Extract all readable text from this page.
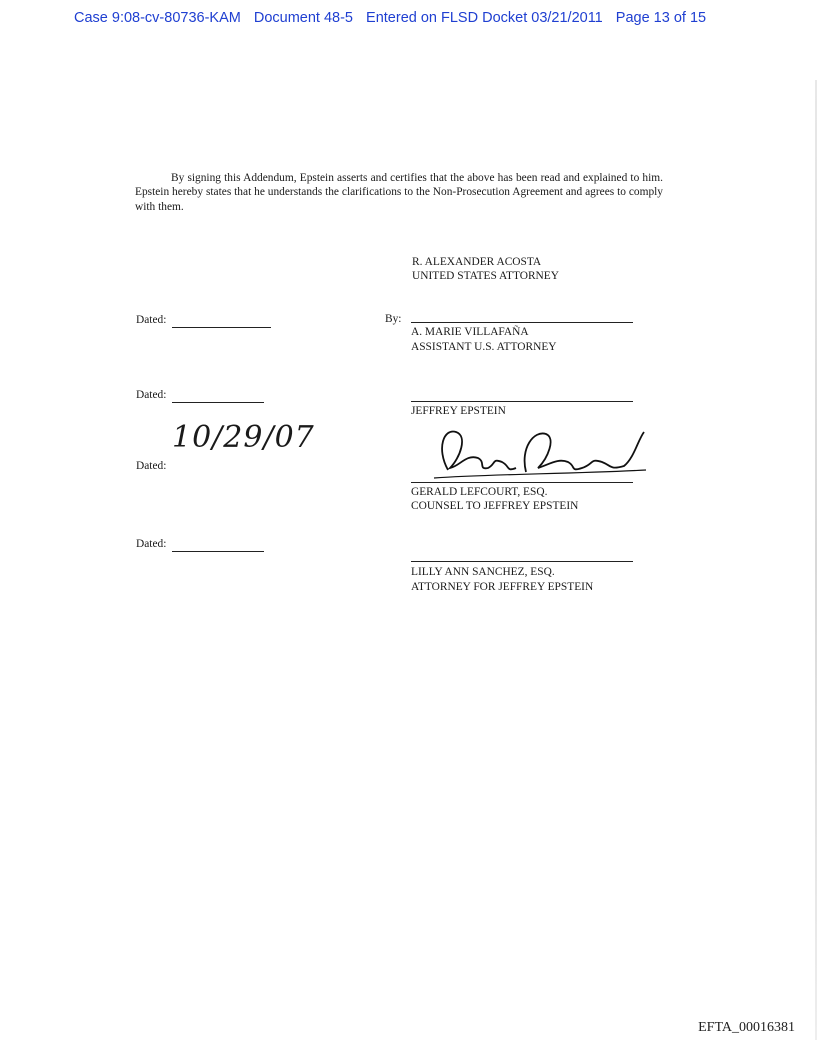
Case 9:08-cv-80736-KAM Document 48-5 Entered on FLSD Docket 03/21/2011 Page 13 of 15

By signing this Addendum, Epstein asserts and certifies that the above has been read and explained to him. Epstein hereby states that he understands the clarifications to the Non-Prosecution Agreement and agrees to comply with them.

R. ALEXANDER ACOSTA
UNITED STATES ATTORNEY
Dated:	By:
A. MARIE VILLAFAÑA
ASSISTANT U.S. ATTORNEY
Dated:
JEFFREY EPSTEIN
Dated:
10/29/07
GERALD LEFCOURT, ESQ.
COUNSEL TO JEFFREY EPSTEIN
Dated:
LILLY ANN SANCHEZ, ESQ.
ATTORNEY FOR JEFFREY EPSTEIN
EFTA_00016381
